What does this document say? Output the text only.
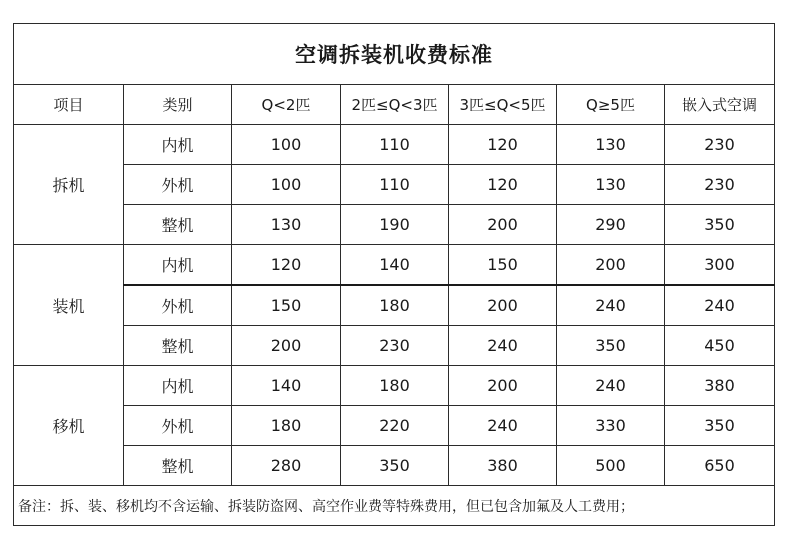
空调拆装机收费标准						
项目	类别	Q<2匹	2匹≤Q<3匹	3匹≤Q<5匹	Q≥5匹	嵌入式空调
拆机	内机	100	110	120	130	230
	外机	100	110	120	130	230
	整机	130	190	200	290	350
装机	内机	120	140	150	200	300
	外机	150	180	200	240	240
	整机	200	230	240	350	450
移机	内机	140	180	200	240	380
	外机	180	220	240	330	350
	整机	280	350	380	500	650
备注：拆、装、移机均不含运输、拆装防盗网、高空作业费等特殊费用，但已包含加氟及人工费用；						
